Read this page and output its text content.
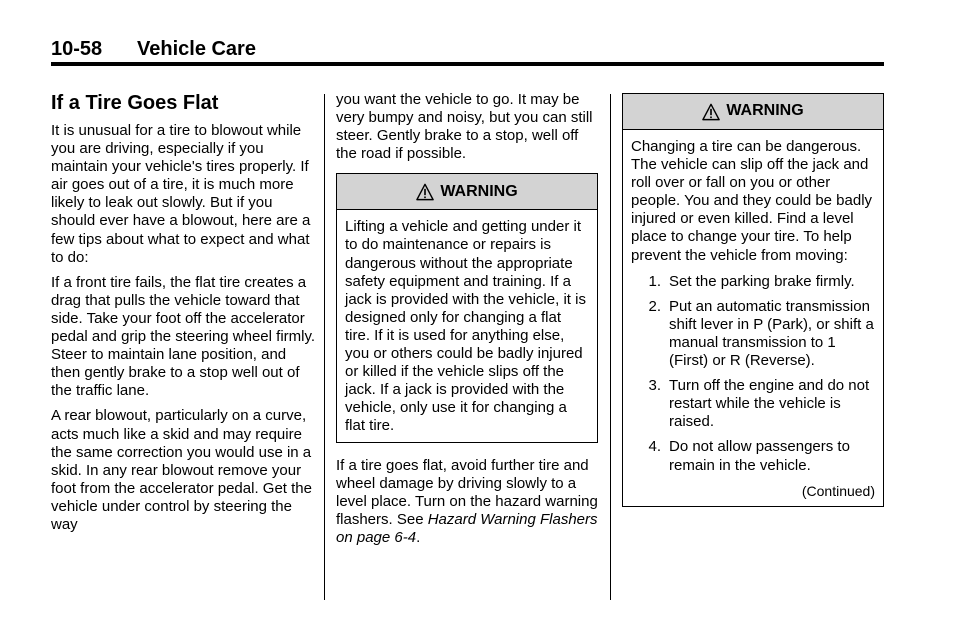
10-58 Vehicle Care
If a Tire Goes Flat

It is unusual for a tire to blowout while you are driving, especially if you maintain your vehicle's tires properly. If air goes out of a tire, it is much more likely to leak out slowly. But if you should ever have a blowout, here are a few tips about what to expect and what to do:

If a front tire fails, the flat tire creates a drag that pulls the vehicle toward that side. Take your foot off the accelerator pedal and grip the steering wheel firmly. Steer to maintain lane position, and then gently brake to a stop well out of the traffic lane.

A rear blowout, particularly on a curve, acts much like a skid and may require the same correction you would use in a skid. In any rear blowout remove your foot from the accelerator pedal. Get the vehicle under control by steering the way

you want the vehicle to go. It may be very bumpy and noisy, but you can still steer. Gently brake to a stop, well off the road if possible.

WARNING
Lifting a vehicle and getting under it to do maintenance or repairs is dangerous without the appropriate safety equipment and training. If a jack is provided with the vehicle, it is designed only for changing a flat tire. If it is used for anything else, you or others could be badly injured or killed if the vehicle slips off the jack. If a jack is provided with the vehicle, only use it for changing a flat tire.

If a tire goes flat, avoid further tire and wheel damage by driving slowly to a level place. Turn on the hazard warning flashers. See Hazard Warning Flashers on page 6‑4.

WARNING
Changing a tire can be dangerous. The vehicle can slip off the jack and roll over or fall on you or other people. You and they could be badly injured or even killed. Find a level place to change your tire. To help prevent the vehicle from moving:
1. Set the parking brake firmly.
2. Put an automatic transmission shift lever in P (Park), or shift a manual transmission to 1 (First) or R (Reverse).
3. Turn off the engine and do not restart while the vehicle is raised.
4. Do not allow passengers to remain in the vehicle.
(Continued)
